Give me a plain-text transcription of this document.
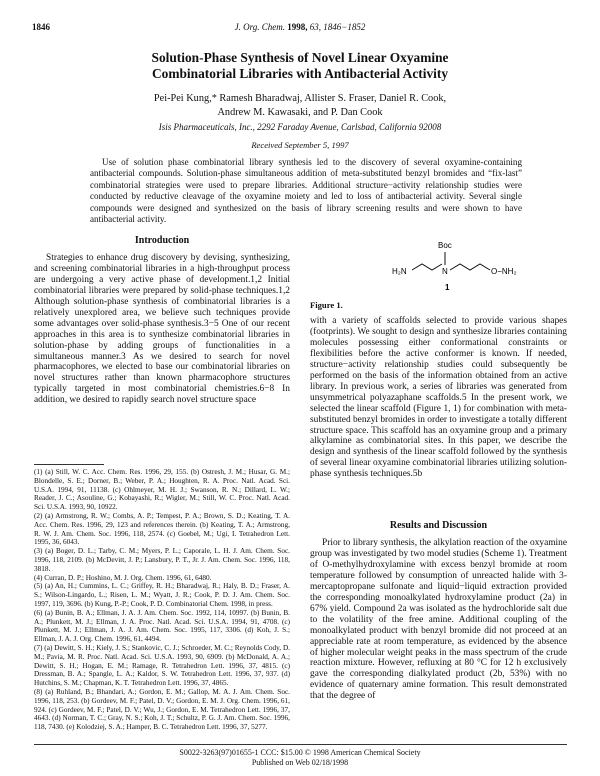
1846	J. Org. Chem. 1998, 63, 1846−1852
Solution-Phase Synthesis of Novel Linear Oxyamine
Combinatorial Libraries with Antibacterial Activity
Pei-Pei Kung,* Ramesh Bharadwaj, Allister S. Fraser, Daniel R. Cook,
Andrew M. Kawasaki, and P. Dan Cook
Isis Pharmaceuticals, Inc., 2292 Faraday Avenue, Carlsbad, California 92008
Received September 5, 1997
Use of solution phase combinatorial library synthesis led to the discovery of several oxyamine-containing antibacterial compounds. Solution-phase simultaneous addition of meta-substituted benzyl bromides and “fix-last” combinatorial strategies were used to prepare libraries. Additional structure−activity relationship studies were conducted by reductive cleavage of the oxyamine moiety and led to loss of antibacterial activity. Several single compounds were designed and synthesized on the basis of library screening results and were shown to have antibacterial activity.
Introduction
Strategies to enhance drug discovery by devising, synthesizing, and screening combinatorial libraries in a high-throughput process are undergoing a very active phase of development.1,2 Initial combinatorial libraries were prepared by solid-phase techniques.1,2 Although solution-phase synthesis of combinatorial libraries is a relatively unexplored area, we believe such techniques provide some advantages over solid-phase synthesis.3−5 One of our recent approaches in this area is to synthesize combinatorial libraries in solution-phase by adding groups of functionalities in a simultaneous manner.3 As we desired to search for novel pharmacophores, we elected to base our combinatorial libraries on novel structures rather than known pharmacophore structures typically targeted in most combinatorial chemistries.6−8 In addition, we desired to rapidly search novel structure space
(1) (a) Still, W. C. Acc. Chem. Res. 1996, 29, 155. (b) Ostresh, J. M.; Husar, G. M.; Blondelle, S. E.; Dorner, B.; Weber, P. A.; Houghten, R. A. Proc. Natl. Acad. Sci. U.S.A. 1994, 91, 11138. (c) Ohlmeyer, M. H. J.; Swanson, R. N.; Dillard, L. W.; Reader, J. C.; Asouline, G.; Kobayashi, R.; Wigler, M.; Still, W. C. Proc. Natl. Acad. Sci. U.S.A. 1993, 90, 10922.
(2) (a) Armstrong, R. W.; Combs, A. P.; Tempest, P. A.; Brown, S. D.; Keating, T. A. Acc. Chem. Res. 1996, 29, 123 and references therein. (b) Keating, T. A.; Armstrong, R. W. J. Am. Chem. Soc. 1996, 118, 2574. (c) Goebel, M.; Ugi, I. Tetrahedron Lett. 1995, 36, 6043.
(3) (a) Boger, D. L.; Tarby, C. M.; Myers, P. L.; Caporale, L. H. J. Am. Chem. Soc. 1996, 118, 2109. (b) McDevitt, J. P.; Lansbury, P. T., Jr. J. Am. Chem. Soc. 1996, 118, 3818.
(4) Curran, D. P.; Hoshino, M. J. Org. Chem. 1996, 61, 6480.
(5) (a) An, H.; Cummins, L. C.; Griffey, R. H.; Bharadwaj, R.; Haly, B. D.; Fraser, A. S.; Wilson-Lingardo, L.; Risen, L. M.; Wyatt, J. R.; Cook, P. D. J. Am. Chem. Soc. 1997, 119, 3696. (b) Kung, P.-P.; Cook, P. D. Combinatorial Chem. 1998, in press.
(6) (a) Bunin, B. A.; Ellman, J. A. J. Am. Chem. Soc. 1992, 114, 10997. (b) Bunin, B. A.; Plunkett, M. J.; Ellman, J. A. Proc. Natl. Acad. Sci. U.S.A. 1994, 91, 4708. (c) Plunkett, M. J.; Ellman, J. A. J. Am. Chem. Soc. 1995, 117, 3306. (d) Koh, J. S.; Ellman, J. A. J. Org. Chem. 1996, 61, 4494.
(7) (a) Dewitt, S. H.; Kiely, J. S.; Stankovic, C. J.; Schroeder, M. C.; Reynolds Cody, D. M.; Pavia, M. R. Proc. Natl. Acad. Sci. U.S.A. 1993, 90, 6909. (b) McDonald, A. A.; Dewitt, S. H.; Hogan, E. M.; Ramage, R. Tetrahedron Lett. 1996, 37, 4815. (c) Dressman, B. A.; Spangle, L. A.; Kaldor, S. W. Tetrahedron Lett. 1996, 37, 937. (d) Hutchins, S. M.; Chapman, K. T. Tetrahedron Lett. 1996, 37, 4865.
(8) (a) Ruhland, B.; Bhandari, A.; Gordon, E. M.; Gallop, M. A. J. Am. Chem. Soc. 1996, 118, 253. (b) Gordeev, M. F.; Patel, D. V.; Gordon, E. M. J. Org. Chem. 1996, 61, 924. (c) Gordeev, M. F.; Patel, D. V.; Wu, J.; Gordon, E. M. Tetrahedron Lett. 1996, 37, 4643. (d) Norman, T. C.; Gray, N. S.; Koh, J. T.; Schultz, P. G. J. Am. Chem. Soc. 1996, 118, 7430. (e) Kolodziej, S. A.; Hamper, B. C. Tetrahedron Lett. 1996, 37, 5277.
H₂N	N
Boc
O−NH₂
1
Figure 1.
with a variety of scaffolds selected to provide various shapes (footprints). We sought to design and synthesize libraries containing molecules possessing either conformational constraints or flexibilities before the active conformer is known. If needed, structure−activity relationship studies could subsequently be performed on the basis of the information obtained from an active library. In previous work, a series of libraries was generated from unsymmetrical polyazaphane scaffolds.5 In the present work, we selected the linear scaffold (Figure 1, 1) for combination with meta-substituted benzyl bromides in order to investigate a totally different structure space. This scaffold has an oxyamine group and a primary alkylamine as combinatorial sites. In this paper, we describe the design and synthesis of the linear scaffold followed by the synthesis of several linear oxyamine combinatorial libraries utilizing solution-phase synthesis techniques.5b
Results and Discussion
Prior to library synthesis, the alkylation reaction of the oxyamine group was investigated by two model studies (Scheme 1). Treatment of O-methylhydroxylamine with excess benzyl bromide at room temperature followed by consumption of unreacted halide with 3-mercaptopropane sulfonate and liquid−liquid extraction provided the corresponding monoalkylated hydroxylamine product (2a) in 67% yield. Compound 2a was isolated as the hydrochloride salt due to the volatility of the free amine. Additional coupling of the monoalkylated product with benzyl bromide did not proceed at an appreciable rate at room temperature, as evidenced by the absence of higher molecular weight peaks in the mass spectrum of the crude reaction mixture. However, refluxing at 80 °C for 12 h exclusively gave the corresponding dialkylated product (2b, 53%) with no evidence of quaternary amine formation. This result demonstrated that the degree of
S0022-3263(97)01655-1 CCC: $15.00 © 1998 American Chemical Society
Published on Web 02/18/1998
